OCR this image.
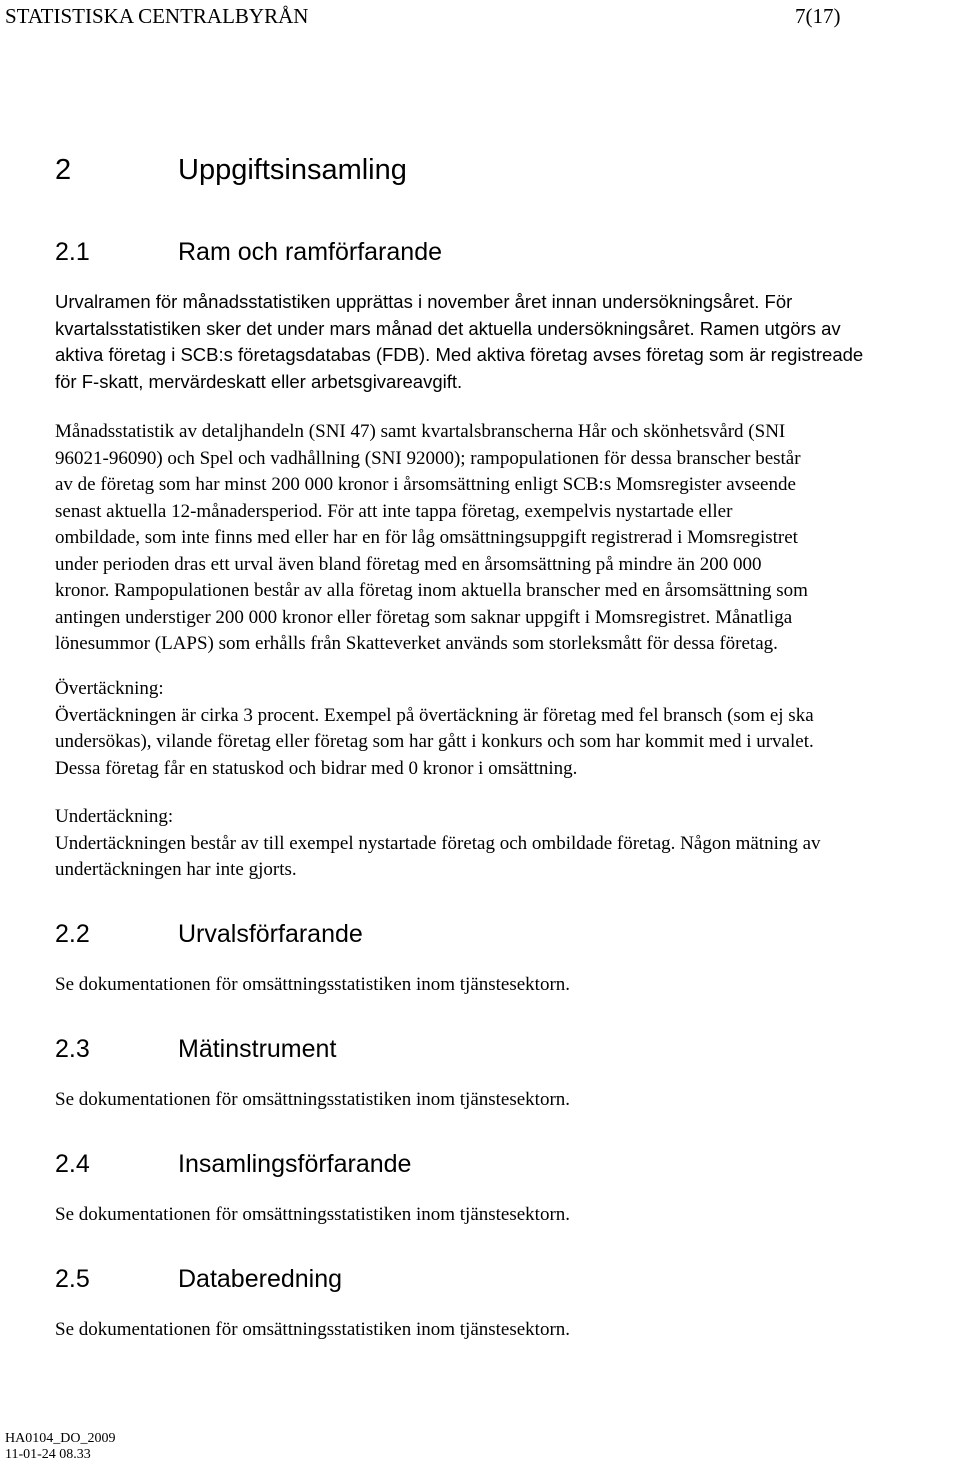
STATISTISKA CENTRALBYRÅN	7(17)
2	Uppgiftsinsamling
2.1	Ram och ramförfarande
Urvalramen för månadsstatistiken upprättas i november året innan undersökningsåret. För
kvartalsstatistiken sker det under mars månad det aktuella undersökningsåret. Ramen utgörs av
aktiva företag i SCB:s företagsdatabas (FDB). Med aktiva företag avses företag som är registreade
för F-skatt, mervärdeskatt eller arbetsgivareavgift.
Månadsstatistik av detaljhandeln (SNI 47) samt kvartalsbranscherna Hår och skönhetsvård (SNI
96021-96090) och Spel och vadhållning (SNI 92000); rampopulationen för dessa branscher består
av de företag som har minst 200 000 kronor i årsomsättning enligt SCB:s Momsregister avseende
senast aktuella 12-månadersperiod. För att inte tappa företag, exempelvis nystartade eller
ombildade, som inte finns med eller har en för låg omsättningsuppgift registrerad i Momsregistret
under perioden dras ett urval även bland företag med en årsomsättning på mindre än 200 000
kronor. Rampopulationen består av alla företag inom aktuella branscher med en årsomsättning som
antingen understiger 200 000 kronor eller företag som saknar uppgift i Momsregistret. Månatliga
lönesummor (LAPS) som erhålls från Skatteverket används som storleksmått för dessa företag.
Övertäckning:
Övertäckningen är cirka 3 procent. Exempel på övertäckning är företag med fel bransch (som ej ska
undersökas), vilande företag eller företag som har gått i konkurs och som har kommit med i urvalet.
Dessa företag får en statuskod och bidrar med 0 kronor i omsättning.
Undertäckning:
Undertäckningen består av till exempel nystartade företag och ombildade företag. Någon mätning av
undertäckningen har inte gjorts.
2.2	Urvalsförfarande
Se dokumentationen för omsättningsstatistiken inom tjänstesektorn.
2.3	Mätinstrument
Se dokumentationen för omsättningsstatistiken inom tjänstesektorn.
2.4	Insamlingsförfarande
Se dokumentationen för omsättningsstatistiken inom tjänstesektorn.
2.5	Databeredning
Se dokumentationen för omsättningsstatistiken inom tjänstesektorn.
HA0104_DO_2009
11-01-24 08.33
